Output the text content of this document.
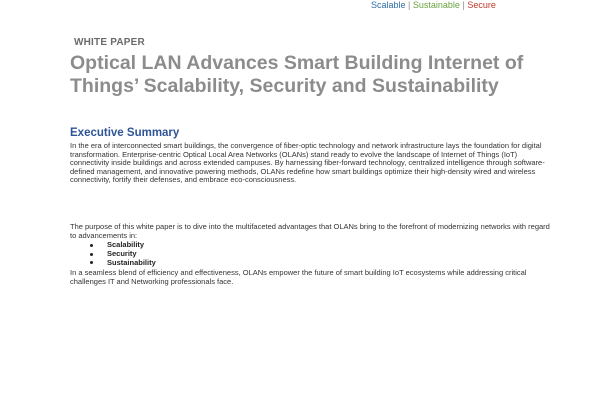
Scalable | Sustainable | Secure
WHITE PAPER
Optical LAN Advances Smart Building Internet of Things’ Scalability, Security and Sustainability
Executive Summary

In the era of interconnected smart buildings, the convergence of fiber-optic technology and network infrastructure lays the foundation for digital transformation. Enterprise-centric Optical Local Area Networks (OLANs) stand ready to evolve the landscape of Internet of Things (IoT) connectivity inside buildings and across extended campuses. By harnessing fiber-forward technology, centralized intelligence through software-defined management, and innovative powering methods, OLANs redefine how smart buildings optimize their high-density wired and wireless connectivity, fortify their defenses, and embrace eco-consciousness.

The purpose of this white paper is to dive into the multifaceted advantages that OLANs bring to the forefront of modernizing networks with regard to advancements in:

Scalability
Security
Sustainability

In a seamless blend of efficiency and effectiveness, OLANs empower the future of smart building IoT ecosystems while addressing critical challenges IT and Networking professionals face.
